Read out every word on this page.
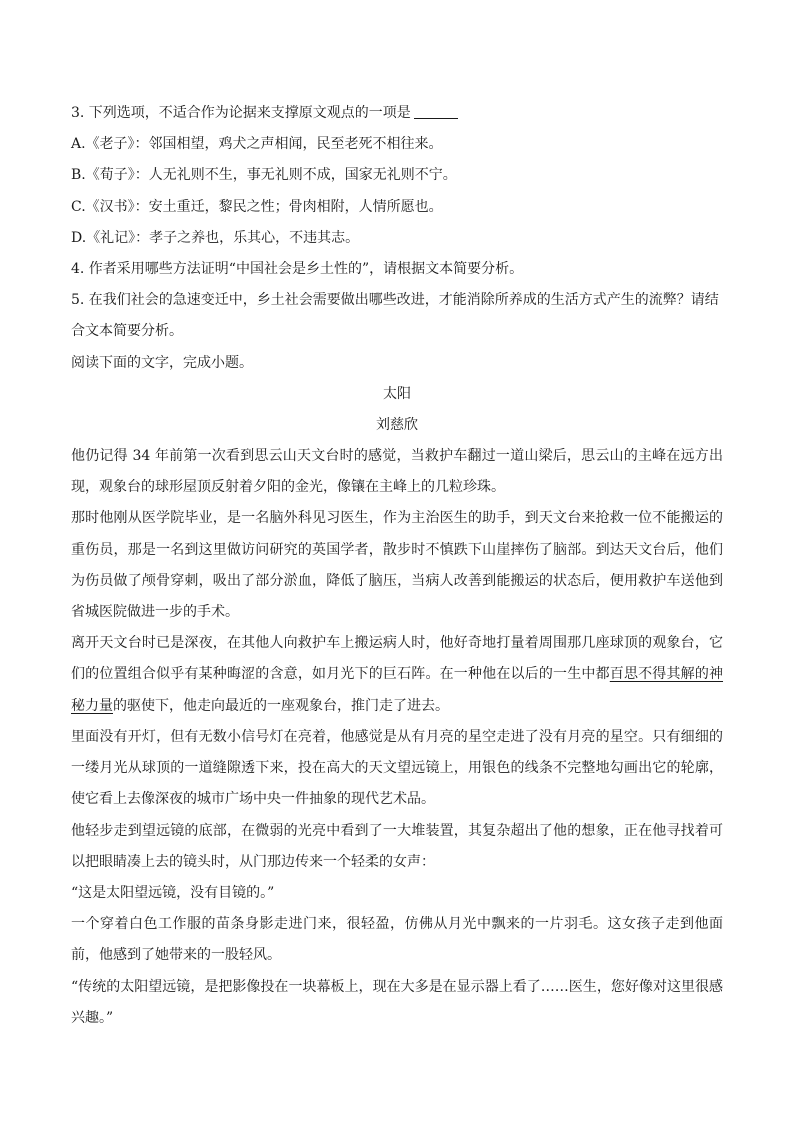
3. 下列选项，不适合作为论据来支撑原文观点的一项是
A.《老子》：邻国相望，鸡犬之声相闻，民至老死不相往来。
B.《荀子》：人无礼则不生，事无礼则不成，国家无礼则不宁。
C.《汉书》：安土重迁，黎民之性；骨肉相附，人情所愿也。
D.《礼记》：孝子之养也，乐其心，不违其志。
4. 作者采用哪些方法证明“中国社会是乡土性的”，请根据文本简要分析。
5. 在我们社会的急速变迁中，乡土社会需要做出哪些改进，才能消除所养成的生活方式产生的流弊？请结
合文本简要分析。
阅读下面的文字，完成小题。
太阳
刘慈欣
他仍记得 34 年前第一次看到思云山天文台时的感觉，当救护车翻过一道山梁后，思云山的主峰在远方出现，观象台的球形屋顶反射着夕阳的金光，像镶在主峰上的几粒珍珠。
那时他刚从医学院毕业，是一名脑外科见习医生，作为主治医生的助手，到天文台来抢救一位不能搬运的重伤员，那是一名到这里做访问研究的英国学者，散步时不慎跌下山崖摔伤了脑部。到达天文台后，他们为伤员做了颅骨穿刺，吸出了部分淤血，降低了脑压，当病人改善到能搬运的状态后，便用救护车送他到省城医院做进一步的手术。
离开天文台时已是深夜，在其他人向救护车上搬运病人时，他好奇地打量着周围那几座球顶的观象台，它们的位置组合似乎有某种晦涩的含意，如月光下的巨石阵。在一种他在以后的一生中都百思不得其解的神秘力量的驱使下，他走向最近的一座观象台，推门走了进去。
里面没有开灯，但有无数小信号灯在亮着，他感觉是从有月亮的星空走进了没有月亮的星空。只有细细的一缕月光从球顶的一道缝隙透下来，投在高大的天文望远镜上，用银色的线条不完整地勾画出它的轮廓，使它看上去像深夜的城市广场中央一件抽象的现代艺术品。
他轻步走到望远镜的底部，在微弱的光亮中看到了一大堆装置，其复杂超出了他的想象，正在他寻找着可以把眼睛凑上去的镜头时，从门那边传来一个轻柔的女声：
“这是太阳望远镜，没有目镜的。”
一个穿着白色工作服的苗条身影走进门来，很轻盈，仿佛从月光中飘来的一片羽毛。这女孩子走到他面前，他感到了她带来的一股轻风。
“传统的太阳望远镜，是把影像投在一块幕板上，现在大多是在显示器上看了……医生，您好像对这里很感兴趣。”
